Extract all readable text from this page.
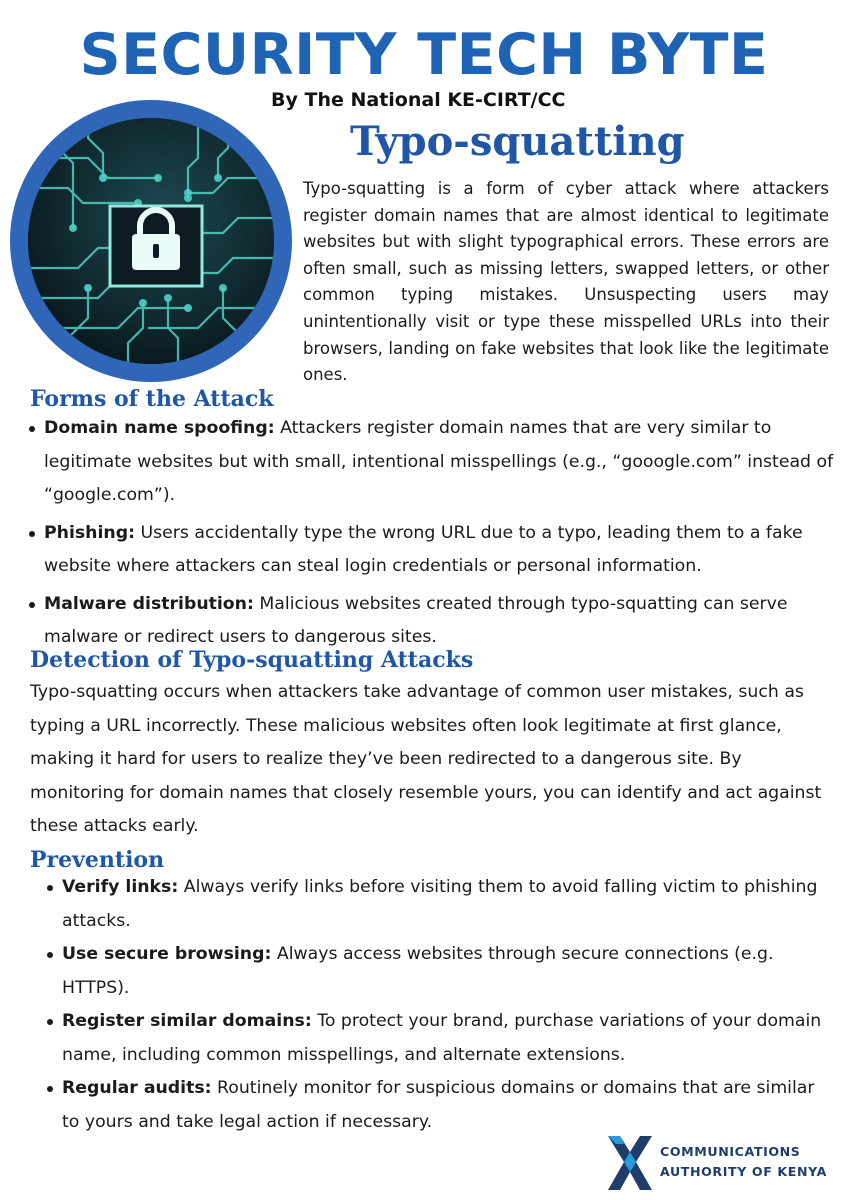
SECURITY TECH BYTE
By The National KE-CIRT/CC
Typo-squatting
Typo-squatting is a form of cyber attack where attackers register domain names that are almost identical to legitimate websites but with slight typographical errors. These errors are often small, such as missing letters, swapped letters, or other common typing mistakes. Unsuspecting users may unintentionally visit or type these misspelled URLs into their browsers, landing on fake websites that look like the legitimate ones.
Forms of the Attack
Domain name spoofing: Attackers register domain names that are very similar to legitimate websites but with small, intentional misspellings (e.g., “gooogle.com” instead of “google.com”).
Phishing: Users accidentally type the wrong URL due to a typo, leading them to a fake website where attackers can steal login credentials or personal information.
Malware distribution: Malicious websites created through typo-squatting can serve malware or redirect users to dangerous sites.
Detection of Typo-squatting Attacks
Typo-squatting occurs when attackers take advantage of common user mistakes, such as typing a URL incorrectly. These malicious websites often look legitimate at first glance, making it hard for users to realize they’ve been redirected to a dangerous site. By monitoring for domain names that closely resemble yours, you can identify and act against these attacks early.
Prevention
Verify links: Always verify links before visiting them to avoid falling victim to phishing attacks.
Use secure browsing: Always access websites through secure connections (e.g. HTTPS).
Register similar domains: To protect your brand, purchase variations of your domain name, including common misspellings, and alternate extensions.
Regular audits: Routinely monitor for suspicious domains or domains that are similar to yours and take legal action if necessary.
COMMUNICATIONS
AUTHORITY OF KENYA
